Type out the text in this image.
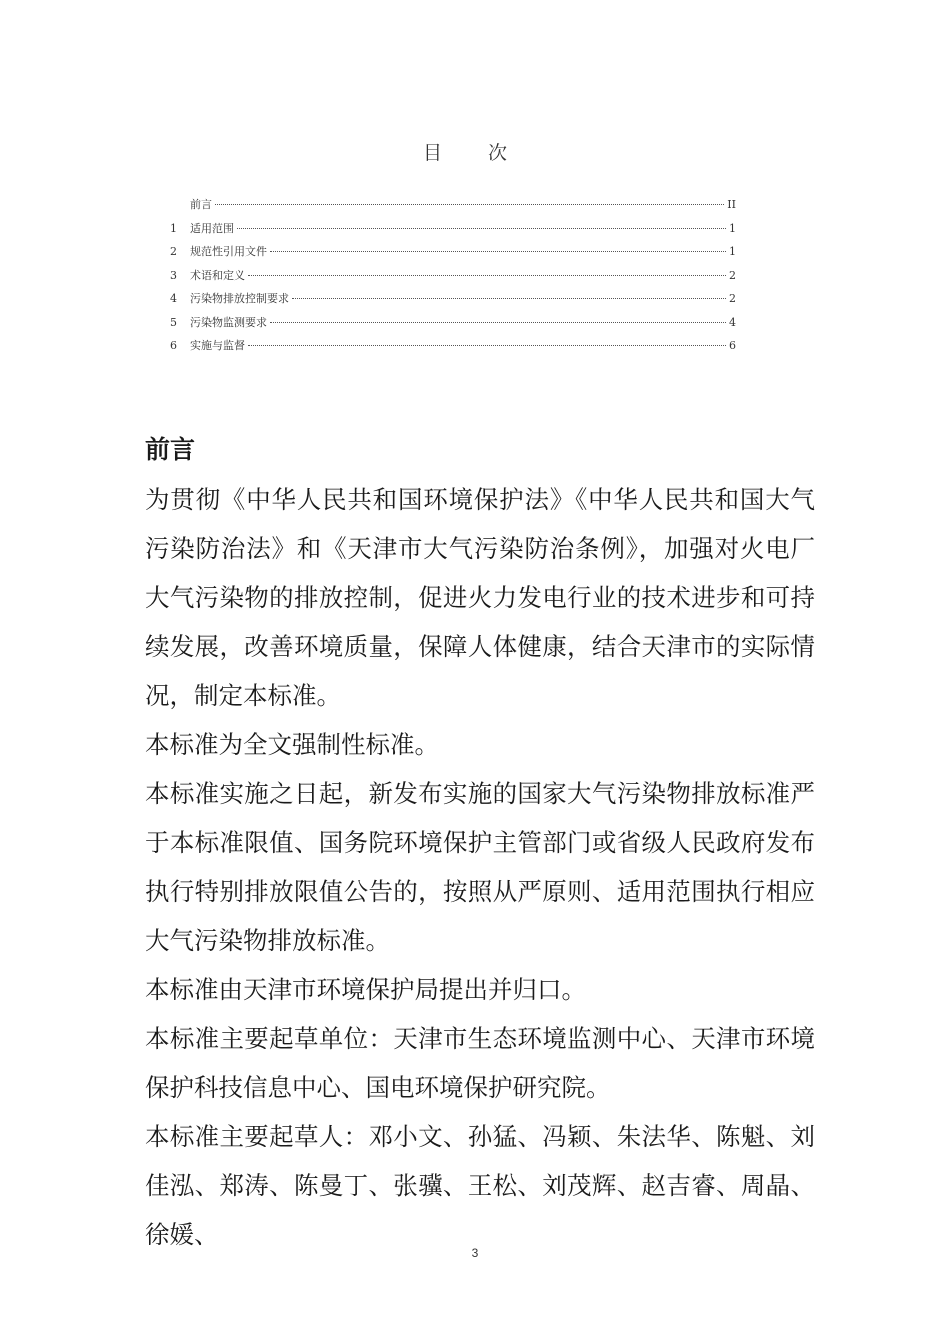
目 次
前言	II
1	适用范围	1
2	规范性引用文件	1
3	术语和定义	2
4	污染物排放控制要求	2
5	污染物监测要求	4
6	实施与监督	6
前言

为贯彻《中华人民共和国环境保护法》《中华人民共和国大气污染防治法》和《天津市大气污染防治条例》，加强对火电厂大气污染物的排放控制，促进火力发电行业的技术进步和可持续发展，改善环境质量，保障人体健康，结合天津市的实际情况，制定本标准。

本标准为全文强制性标准。

本标准实施之日起，新发布实施的国家大气污染物排放标准严于本标准限值、国务院环境保护主管部门或省级人民政府发布执行特别排放限值公告的，按照从严原则、适用范围执行相应大气污染物排放标准。

本标准由天津市环境保护局提出并归口。

本标准主要起草单位：天津市生态环境监测中心、天津市环境保护科技信息中心、国电环境保护研究院。

本标准主要起草人：邓小文、孙猛、冯颖、朱法华、陈魁、刘佳泓、郑涛、陈曼丁、张骥、王松、刘茂辉、赵吉睿、周晶、徐媛、

3
